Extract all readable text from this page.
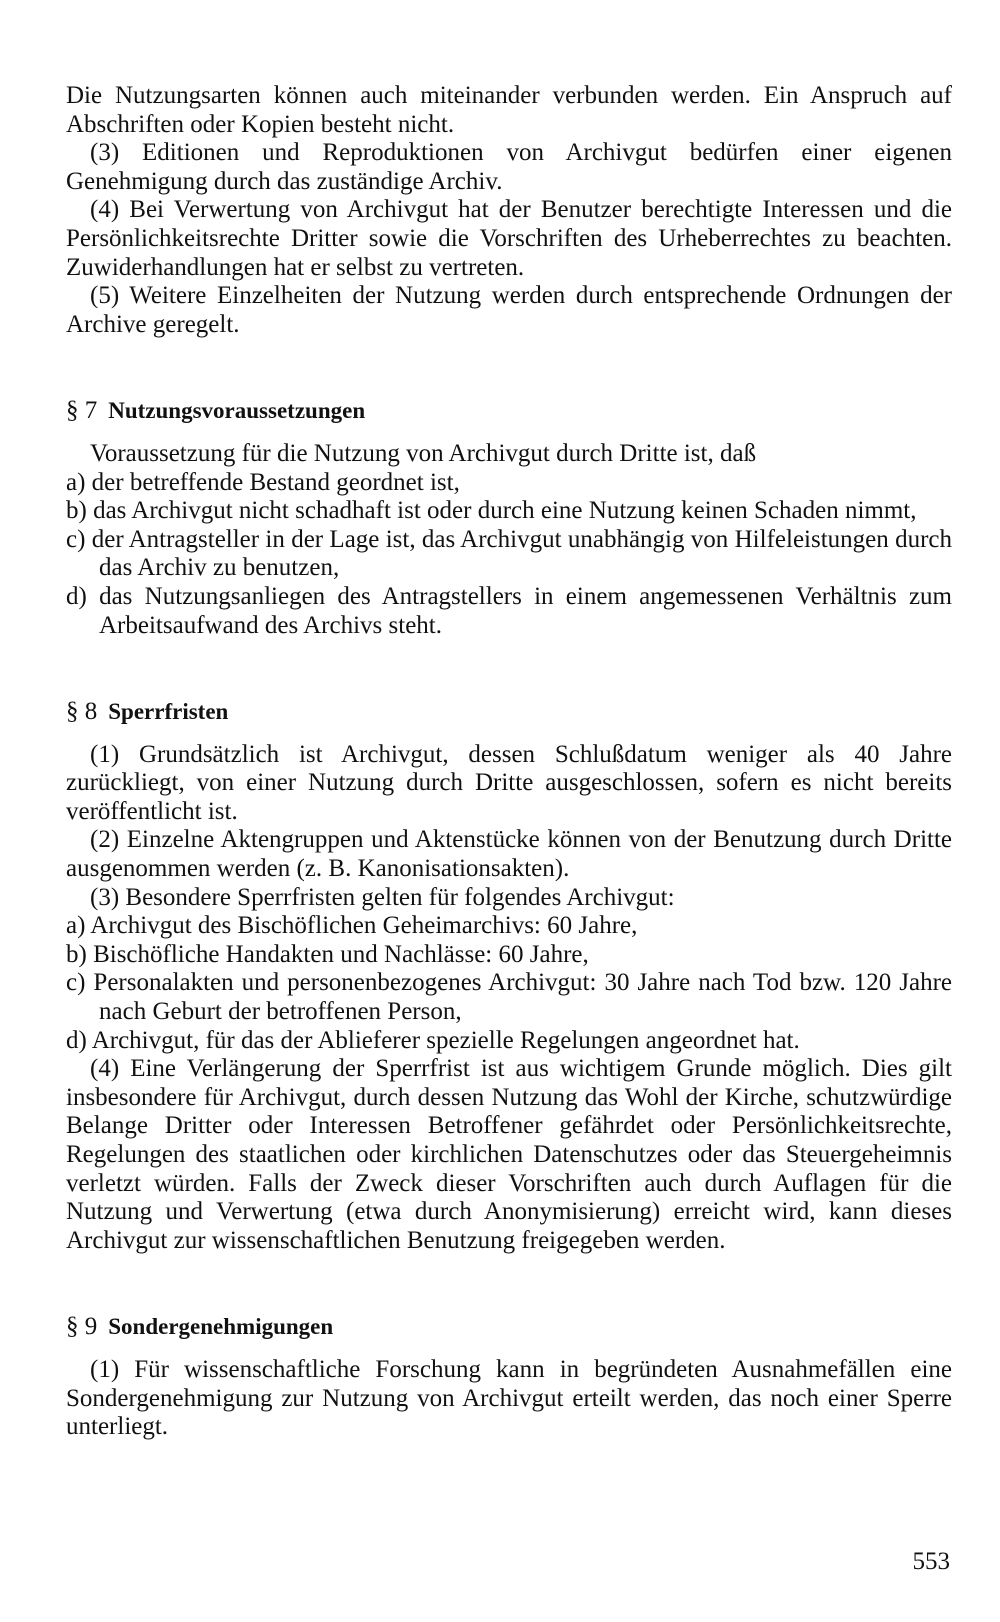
Die Nutzungsarten können auch miteinander verbunden werden. Ein Anspruch auf Abschriften oder Kopien besteht nicht.

(3) Editionen und Reproduktionen von Archivgut bedürfen einer eigenen Genehmigung durch das zuständige Archiv.

(4) Bei Verwertung von Archivgut hat der Benutzer berechtigte Interessen und die Persönlichkeitsrechte Dritter sowie die Vorschriften des Urheberrechtes zu beachten. Zuwiderhandlungen hat er selbst zu vertreten.

(5) Weitere Einzelheiten der Nutzung werden durch entsprechende Ordnungen der Archive geregelt.

§ 7 Nutzungsvoraussetzungen

Voraussetzung für die Nutzung von Archivgut durch Dritte ist, daß

a) der betreffende Bestand geordnet ist,

b) das Archivgut nicht schadhaft ist oder durch eine Nutzung keinen Schaden nimmt,

c) der Antragsteller in der Lage ist, das Archivgut unabhängig von Hilfeleistungen durch das Archiv zu benutzen,

d) das Nutzungsanliegen des Antragstellers in einem angemessenen Verhältnis zum Arbeitsaufwand des Archivs steht.

§ 8 Sperrfristen

(1) Grundsätzlich ist Archivgut, dessen Schlußdatum weniger als 40 Jahre zurückliegt, von einer Nutzung durch Dritte ausgeschlossen, sofern es nicht bereits veröffentlicht ist.

(2) Einzelne Aktengruppen und Aktenstücke können von der Benutzung durch Dritte ausgenommen werden (z. B. Kanonisationsakten).

(3) Besondere Sperrfristen gelten für folgendes Archivgut:

a) Archivgut des Bischöflichen Geheimarchivs: 60 Jahre,

b) Bischöfliche Handakten und Nachlässe: 60 Jahre,

c) Personalakten und personenbezogenes Archivgut: 30 Jahre nach Tod bzw. 120 Jahre nach Geburt der betroffenen Person,

d) Archivgut, für das der Ablieferer spezielle Regelungen angeordnet hat.

(4) Eine Verlängerung der Sperrfrist ist aus wichtigem Grunde möglich. Dies gilt insbesondere für Archivgut, durch dessen Nutzung das Wohl der Kirche, schutzwürdige Belange Dritter oder Interessen Betroffener gefährdet oder Persönlichkeitsrechte, Regelungen des staatlichen oder kirchlichen Datenschutzes oder das Steuergeheimnis verletzt würden. Falls der Zweck dieser Vorschriften auch durch Auflagen für die Nutzung und Verwertung (etwa durch Anonymisierung) erreicht wird, kann dieses Archivgut zur wissenschaftlichen Benutzung freigegeben werden.

§ 9 Sondergenehmigungen

(1) Für wissenschaftliche Forschung kann in begründeten Ausnahmefällen eine Sondergenehmigung zur Nutzung von Archivgut erteilt werden, das noch einer Sperre unterliegt.

553
